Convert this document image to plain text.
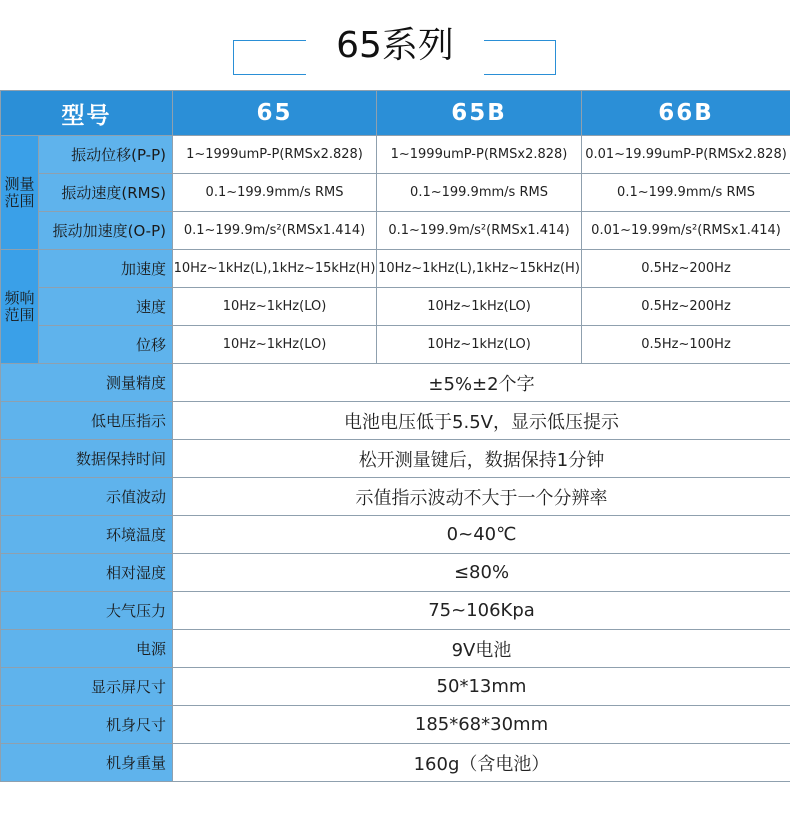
65系列
型号		65	65B	66B
测量范围	振动位移(P-P)	1~1999umP-P(RMSx2.828)	1~1999umP-P(RMSx2.828)	0.01~19.99umP-P(RMSx2.828)
	振动速度(RMS)	0.1~199.9mm/s RMS	0.1~199.9mm/s RMS	0.1~199.9mm/s RMS
	振动加速度(O-P)	0.1~199.9m/s²(RMSx1.414)	0.1~199.9m/s²(RMSx1.414)	0.01~19.99m/s²(RMSx1.414)
频响范围	加速度	10Hz~1kHz(L),1kHz~15kHz(H)	10Hz~1kHz(L),1kHz~15kHz(H)	0.5Hz~200Hz
	速度	10Hz~1kHz(LO)	10Hz~1kHz(LO)	0.5Hz~200Hz
	位移	10Hz~1kHz(LO)	10Hz~1kHz(LO)	0.5Hz~100Hz
测量精度		±5%±2个字		
低电压指示		电池电压低于5.5V，显示低压提示		
数据保持时间		松开测量键后，数据保持1分钟		
示值波动		示值指示波动不大于一个分辨率		
环境温度		0~40℃		
相对湿度		≤80%		
大气压力		75~106Kpa		
电源		9V电池		
显示屏尺寸		50*13mm		
机身尺寸		185*68*30mm		
机身重量		160g（含电池）		
